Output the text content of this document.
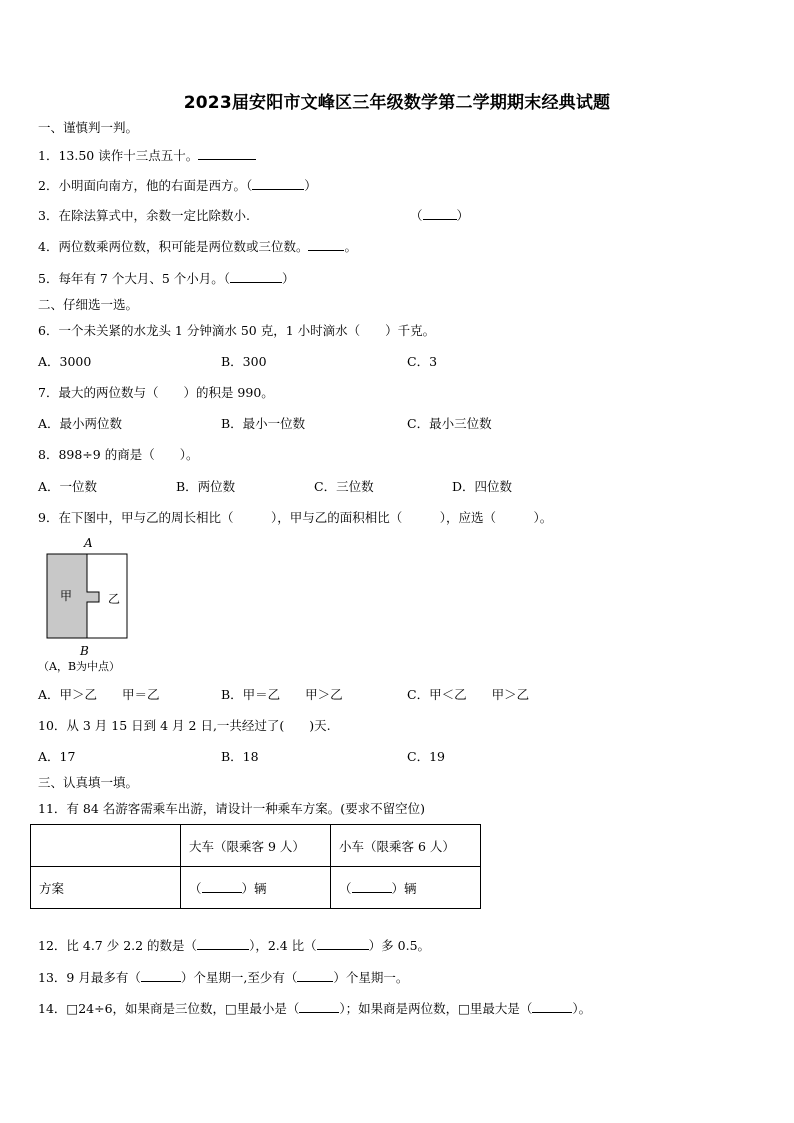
2023届安阳市文峰区三年级数学第二学期期末经典试题
一、谨慎判一判。
1．13.50 读作十三点五十。
2．小明面向南方，他的右面是西方。（	）
3．在除法算式中，余数一定比除数小.	（	）
4．两位数乘两位数，积可能是两位数或三位数。	。
5．每年有 7 个大月、5 个小月。（	）
二、仔细选一选。
6．一个未关紧的水龙头 1 分钟滴水 50 克，1 小时滴水（　　）千克。
A．3000	B．300	C．3
7．最大的两位数与（　　）的积是 990。
A．最小两位数	B．最小一位数	C．最小三位数
8．898÷9 的商是（　　）。
A．一位数	B．两位数	C．三位数	D．四位数
9．在下图中，甲与乙的周长相比（　　　），甲与乙的面积相比（　　　），应选（　　　）。
A
B
甲	乙
（A，B为中点）
A．甲＞乙　　甲＝乙	B．甲＝乙　　甲＞乙	C．甲＜乙　　甲＞乙
10．从 3 月 15 日到 4 月 2 日,一共经过了(　　)天.
A．17	B．18	C．19
三、认真填一填。
11．有 84 名游客需乘车出游，请设计一种乘车方案。(要求不留空位)
	大车（限乘客 9 人）	小车（限乘客 6 人）
方案	（ ）辆	（ ）辆
12．比 4.7 少 2.2 的数是（	），2.4 比（	）多 0.5。
13．9 月最多有（	）个星期一,至少有（	）个星期一。
14．□24÷6，如果商是三位数，□里最小是（	）；如果商是两位数，□里最大是（	）。
